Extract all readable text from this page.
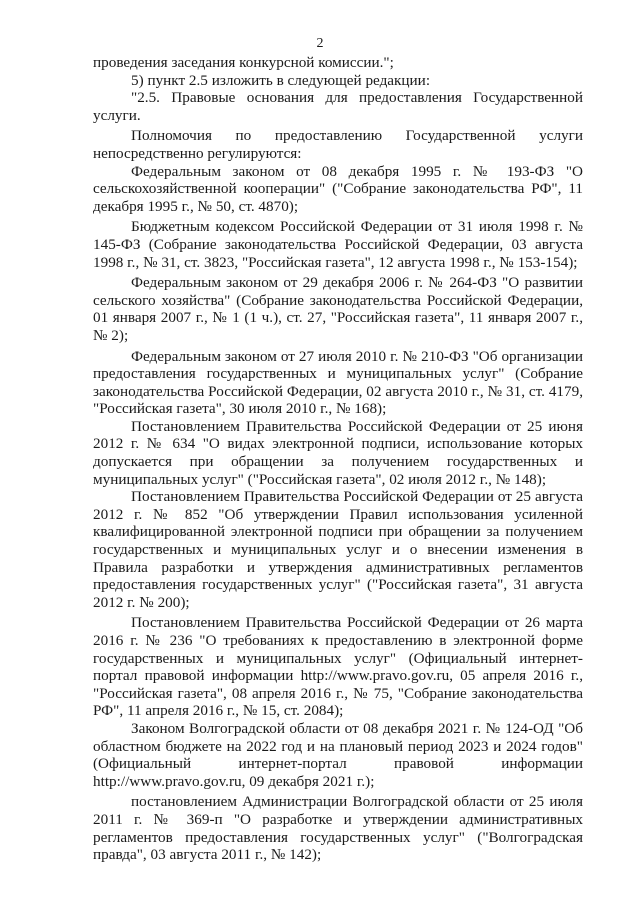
2

проведения заседания конкурсной комиссии.";

5) пункт 2.5 изложить в следующей редакции:

"2.5. Правовые основания для предоставления Государственной услуги.

Полномочия по предоставлению Государственной услуги непосредственно регулируются:

Федеральным законом от 08 декабря 1995 г. № 193-ФЗ "О сельскохозяйственной кооперации" ("Собрание законодательства РФ", 11 декабря 1995 г., № 50, ст. 4870);

Бюджетным кодексом Российской Федерации от 31 июля 1998 г. № 145-ФЗ (Собрание законодательства Российской Федерации, 03 августа 1998 г., № 31, ст. 3823, "Российская газета", 12 августа 1998 г., № 153-154);

Федеральным законом от 29 декабря 2006 г. № 264-ФЗ "О развитии сельского хозяйства" (Собрание законодательства Российской Федерации, 01 января 2007 г., № 1 (1 ч.), ст. 27, "Российская газета", 11 января 2007 г., № 2);

Федеральным законом от 27 июля 2010 г. № 210-ФЗ "Об организации предоставления государственных и муниципальных услуг" (Собрание законодательства Российской Федерации, 02 августа 2010 г., № 31, ст. 4179, "Российская газета", 30 июля 2010 г., № 168);

Постановлением Правительства Российской Федерации от 25 июня 2012 г. № 634 "О видах электронной подписи, использование которых допускается при обращении за получением государственных и муниципальных услуг" ("Российская газета", 02 июля 2012 г., № 148);

Постановлением Правительства Российской Федерации от 25 августа 2012 г. № 852 "Об утверждении Правил использования усиленной квалифицированной электронной подписи при обращении за получением государственных и муниципальных услуг и о внесении изменения в Правила разработки и утверждения административных регламентов предоставления государственных услуг" ("Российская газета", 31 августа 2012 г. № 200);

Постановлением Правительства Российской Федерации от 26 марта 2016 г. № 236 "О требованиях к предоставлению в электронной форме государственных и муниципальных услуг" (Официальный интернет-портал правовой информации http://www.pravo.gov.ru, 05 апреля 2016 г., "Российская газета", 08 апреля 2016 г., № 75, "Собрание законодательства РФ", 11 апреля 2016 г., № 15, ст. 2084);

Законом Волгоградской области от 08 декабря 2021 г. № 124-ОД "Об областном бюджете на 2022 год и на плановый период 2023 и 2024 годов" (Официальный интернет-портал правовой информации http://www.pravo.gov.ru, 09 декабря 2021 г.);

постановлением Администрации Волгоградской области от 25 июля 2011 г. № 369-п "О разработке и утверждении административных регламентов предоставления государственных услуг" ("Волгоградская правда", 03 августа 2011 г., № 142);
